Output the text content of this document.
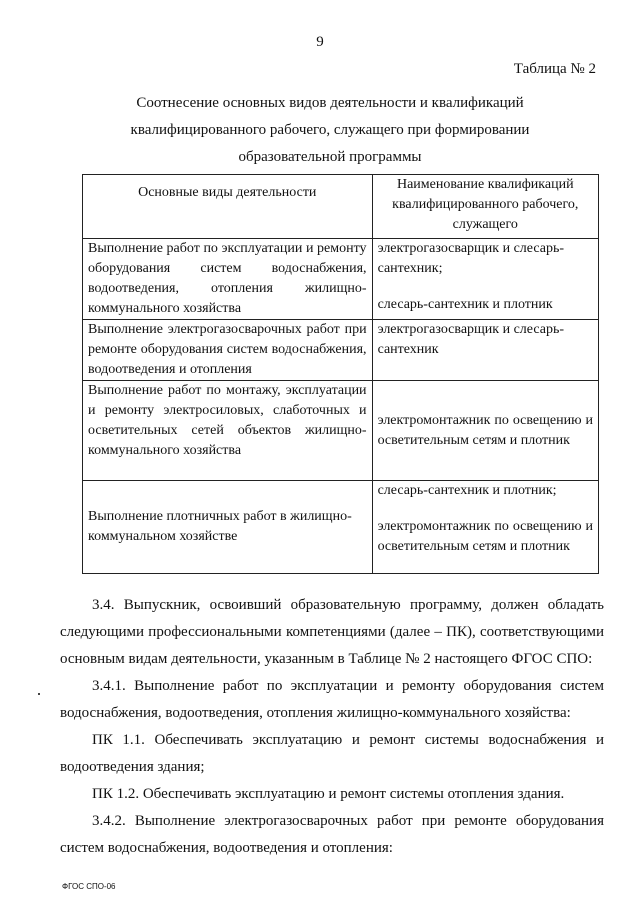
9
Таблица № 2
Соотнесение основных видов деятельности и квалификаций
квалифицированного рабочего, служащего при формировании
образовательной программы
Основные виды деятельности	Наименование квалификаций квалифицированного рабочего, служащего
Выполнение работ по эксплуатации и ремонту оборудования систем водоснабжения, водоотведения, отопления жилищно-коммунального хозяйства	электрогазосварщик и слесарь-сантехник;
слесарь-сантехник и плотник

Выполнение электрогазосварочных работ при ремонте оборудования систем водоснабжения, водоотведения и отопления	электрогазосварщик и слесарь-сантехник

Выполнение работ по монтажу, эксплуатации и ремонту электросиловых, слаботочных и осветительных сетей объектов жилищно-коммунального хозяйства	электромонтажник по освещению и осветительным сетям и плотник

Выполнение плотничных работ в жилищно-коммунальном хозяйстве	слесарь-сантехник и плотник;
электромонтажник по освещению и осветительным сетям и плотник

3.4. Выпускник, освоивший образовательную программу, должен обладать следующими профессиональными компетенциями (далее – ПК), соответствующими основным видам деятельности, указанным в Таблице № 2 настоящего ФГОС СПО:

3.4.1. Выполнение работ по эксплуатации и ремонту оборудования систем водоснабжения, водоотведения, отопления жилищно-коммунального хозяйства:

ПК 1.1. Обеспечивать эксплуатацию и ремонт системы водоснабжения и водоотведения здания;

ПК 1.2. Обеспечивать эксплуатацию и ремонт системы отопления здания.

3.4.2. Выполнение электрогазосварочных работ при ремонте оборудования систем водоснабжения, водоотведения и отопления:

ФГОС СПО-06
